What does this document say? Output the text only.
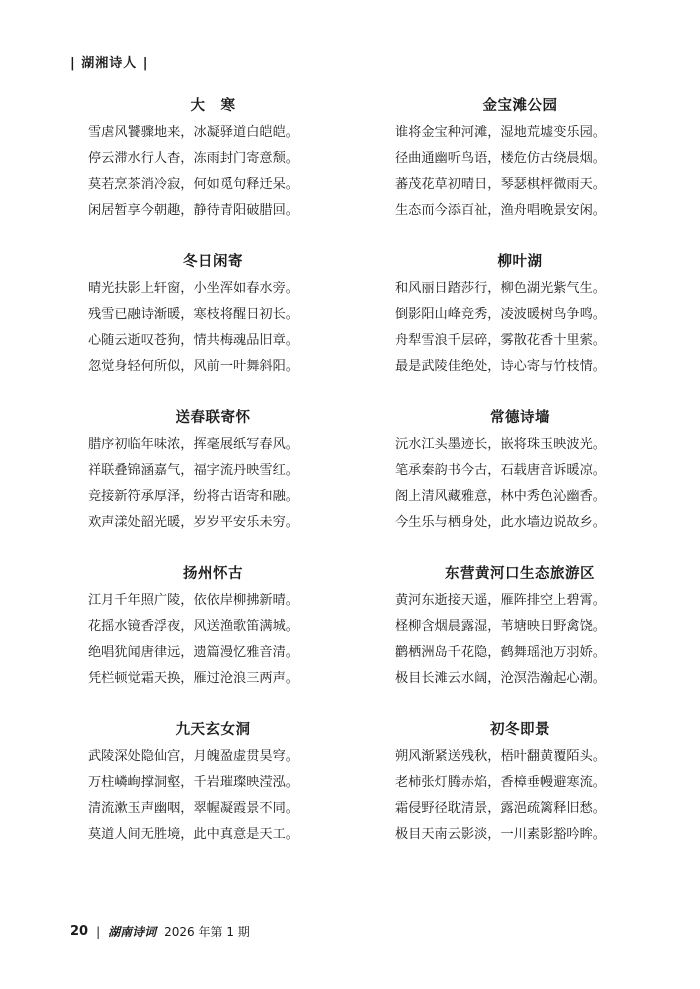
| 湖湘诗人 |
大　寒
雪虐风饕骤地来，冰凝驿道白皑皑。
停云滞水行人杳，冻雨封门寄意颓。
莫若烹茶消冷寂，何如觅句释迁呆。
闲居暂享今朝趣，静待青阳破腊回。
冬日闲寄
晴光扶影上轩窗，小坐浑如春水旁。
残雪已融诗渐暖，寒枝将醒日初长。
心随云逝叹苍狗，情共梅魂品旧章。
忽觉身轻何所似，风前一叶舞斜阳。
送春联寄怀
腊序初临年味浓，挥毫展纸写春风。
祥联叠锦涵嘉气，福字流丹映雪红。
竞接新符承厚泽，纷将古语寄和融。
欢声漾处韶光暖，岁岁平安乐未穷。
扬州怀古
江月千年照广陵，依依岸柳拂新晴。
花摇水镜香浮夜，风送渔歌笛满城。
绝唱犹闻唐律远，遗篇漫忆雅音清。
凭栏顿觉霜天换，雁过沧浪三两声。
九天玄女洞
武陵深处隐仙宫，月魄盈虚贯昊穹。
万柱嶙峋撑洞壑，千岩璀璨映滢泓。
清流漱玉声幽咽，翠幄凝霞景不同。
莫道人间无胜境，此中真意是天工。
金宝滩公园
谁将金宝种河滩，湿地荒墟变乐园。
径曲通幽听鸟语，楼危仿古绕晨烟。
蕃茂花草初晴日，琴瑟棋枰微雨天。
生态而今添百祉，渔舟唱晚景安闲。
柳叶湖
和风丽日踏莎行，柳色湖光紫气生。
倒影阳山峰竞秀，凌波暖树鸟争鸣。
舟犁雪浪千层碎，雾散花香十里萦。
最是武陵佳绝处，诗心寄与竹枝情。
常德诗墙
沅水江头墨迹长，嵌将珠玉映波光。
笔承秦韵书今古，石载唐音诉暖凉。
阁上清风藏雅意，林中秀色沁幽香。
今生乐与栖身处，此水墙边说故乡。
东营黄河口生态旅游区
黄河东逝接天遥，雁阵排空上碧霄。
柽柳含烟晨露湿，苇塘映日野禽饶。
鹳栖洲岛千花隐，鹤舞瑶池万羽娇。
极目长滩云水阔，沧溟浩瀚起心潮。
初冬即景
朔风渐紧送残秋，梧叶翻黄覆陌头。
老柿张灯腾赤焰，香樟垂幔避寒流。
霜侵野径耽清景，露浥疏篱释旧愁。
极目天南云影淡，一川素影豁吟眸。
20 | 湖南诗词 2026 年第 1 期
